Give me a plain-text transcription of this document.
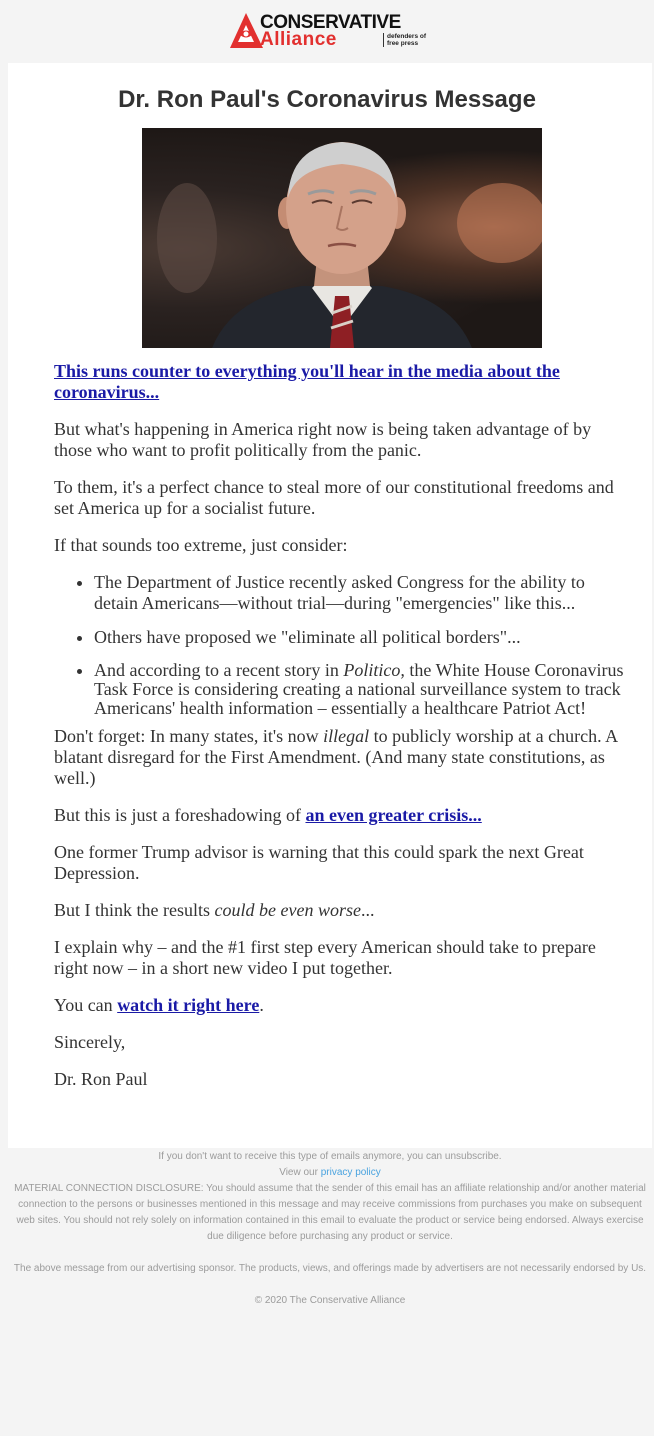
CONSERVATIVE
Alliance	defenders of free press
Dr. Ron Paul's Coronavirus Message

This runs counter to everything you'll hear in the media about the coronavirus...

But what's happening in America right now is being taken advantage of by those who want to profit politically from the panic.

To them, it's a perfect chance to steal more of our constitutional freedoms and set America up for a socialist future.

If that sounds too extreme, just consider:

• The Department of Justice recently asked Congress for the ability to detain Americans—without trial—during "emergencies" like this...
• Others have proposed we "eliminate all political borders"...
• And according to a recent story in Politico, the White House Coronavirus Task Force is considering creating a national surveillance system to track Americans' health information – essentially a healthcare Patriot Act!

Don't forget: In many states, it's now illegal to publicly worship at a church. A blatant disregard for the First Amendment. (And many state constitutions, as well.)

But this is just a foreshadowing of an even greater crisis...

One former Trump advisor is warning that this could spark the next Great Depression.

But I think the results could be even worse...

I explain why – and the #1 first step every American should take to prepare right now – in a short new video I put together.

You can watch it right here.

Sincerely,

Dr. Ron Paul

If you don't want to receive this type of emails anymore, you can unsubscribe.

View our privacy policy

MATERIAL CONNECTION DISCLOSURE: You should assume that the sender of this email has an affiliate relationship and/or another material connection to the persons or businesses mentioned in this message and may receive commissions from purchases you make on subsequent web sites. You should not rely solely on information contained in this email to evaluate the product or service being endorsed. Always exercise due diligence before purchasing any product or service.

The above message from our advertising sponsor. The products, views, and offerings made by advertisers are not necessarily endorsed by Us.

© 2020 The Conservative Alliance
